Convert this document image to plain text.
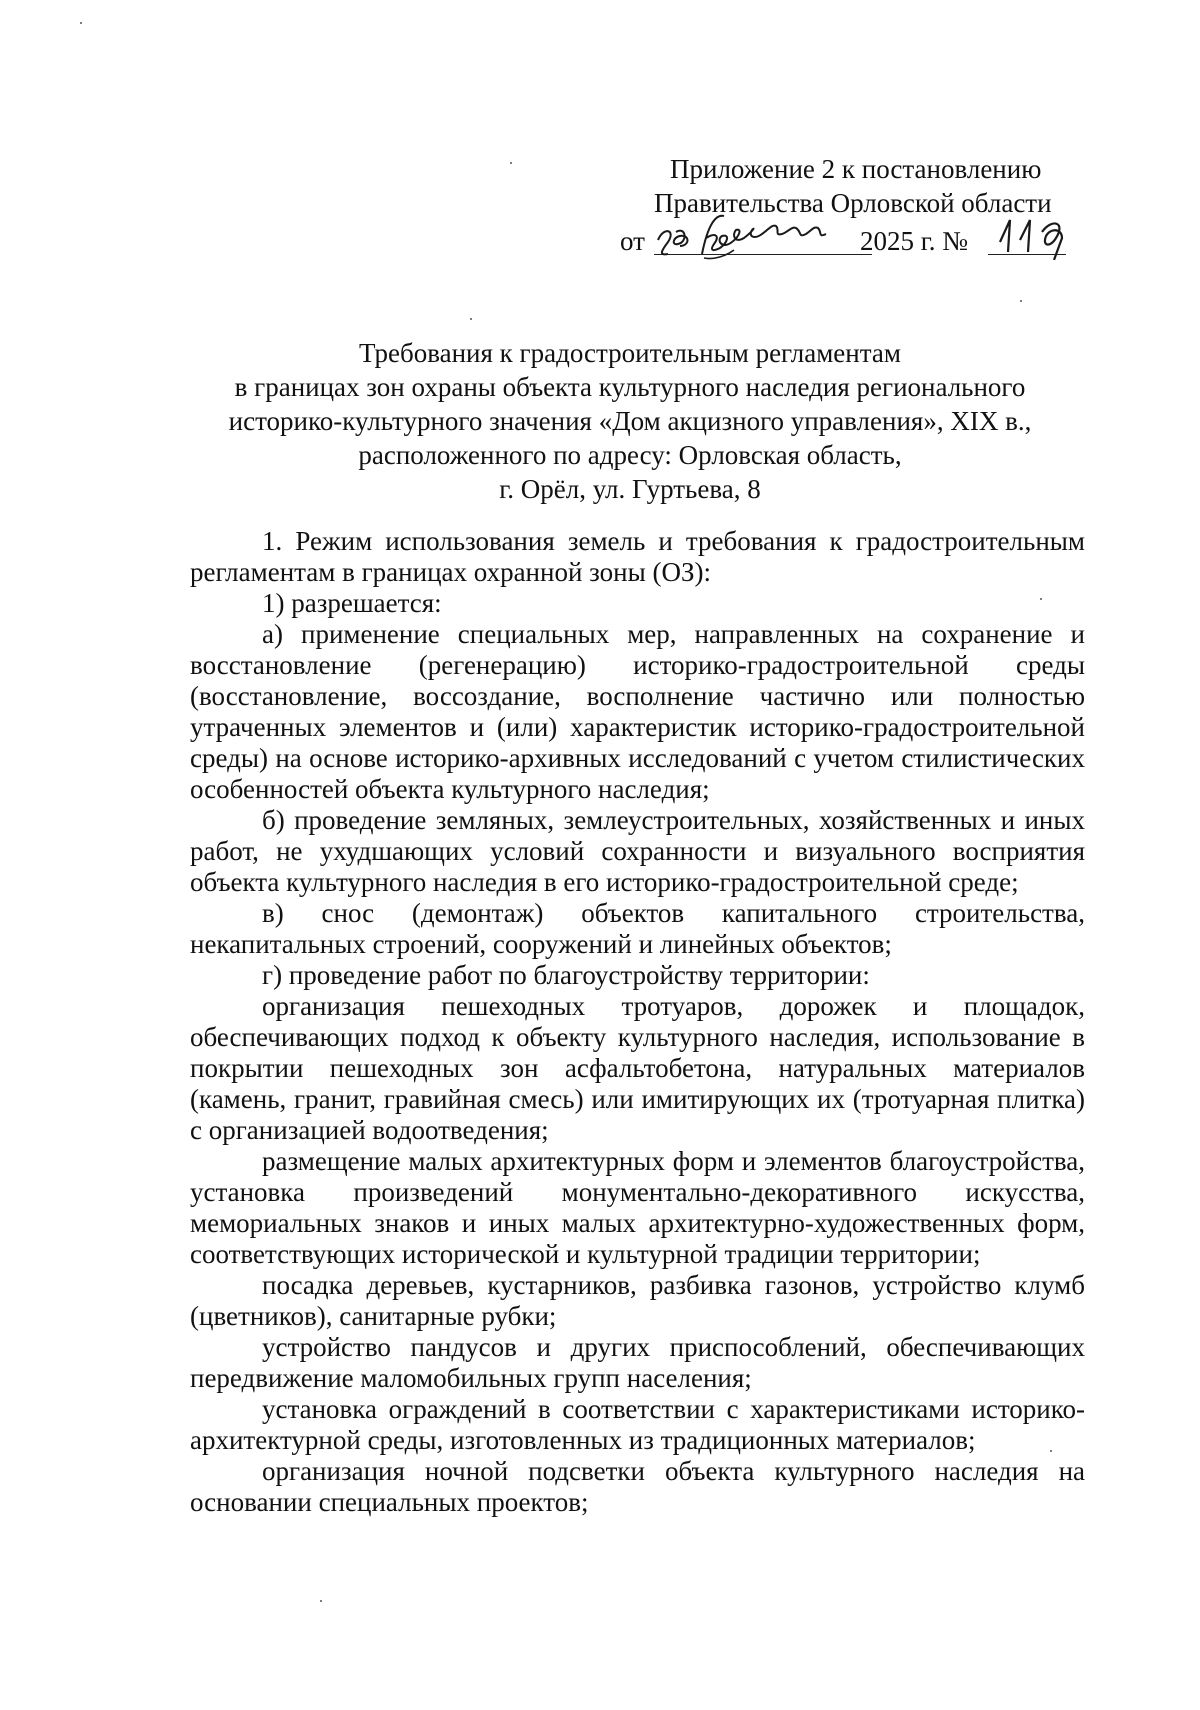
Приложение 2 к постановлению
Правительства Орловской области
от	2025 г. №
Требования к градостроительным регламентам
в границах зон охраны объекта культурного наследия регионального
историко-культурного значения «Дом акцизного управления», XIX в.,
расположенного по адресу: Орловская область,
г. Орёл, ул. Гуртьева, 8

1. Режим использования земель и требования к градостроительным регламентам в границах охранной зоны (ОЗ):

1) разрешается:

а) применение специальных мер, направленных на сохранение и восстановление (регенерацию) историко-градостроительной среды (восстановление, воссоздание, восполнение частично или полностью утраченных элементов и (или) характеристик историко-градостроительной среды) на основе историко-архивных исследований с учетом стилистических особенностей объекта культурного наследия;

б) проведение земляных, землеустроительных, хозяйственных и иных работ, не ухудшающих условий сохранности и визуального восприятия объекта культурного наследия в его историко-градостроительной среде;

в) снос (демонтаж) объектов капитального строительства, некапитальных строений, сооружений и линейных объектов;

г) проведение работ по благоустройству территории:

организация пешеходных тротуаров, дорожек и площадок, обеспечивающих подход к объекту культурного наследия, использование в покрытии пешеходных зон асфальтобетона, натуральных материалов (камень, гранит, гравийная смесь) или имитирующих их (тротуарная плитка) с организацией водоотведения;

размещение малых архитектурных форм и элементов благоустройства, установка произведений монументально-декоративного искусства, мемориальных знаков и иных малых архитектурно-художественных форм, соответствующих исторической и культурной традиции территории;

посадка деревьев, кустарников, разбивка газонов, устройство клумб (цветников), санитарные рубки;

устройство пандусов и других приспособлений, обеспечивающих передвижение маломобильных групп населения;

установка ограждений в соответствии с характеристиками историко-архитектурной среды, изготовленных из традиционных материалов;

организация ночной подсветки объекта культурного наследия на основании специальных проектов;
